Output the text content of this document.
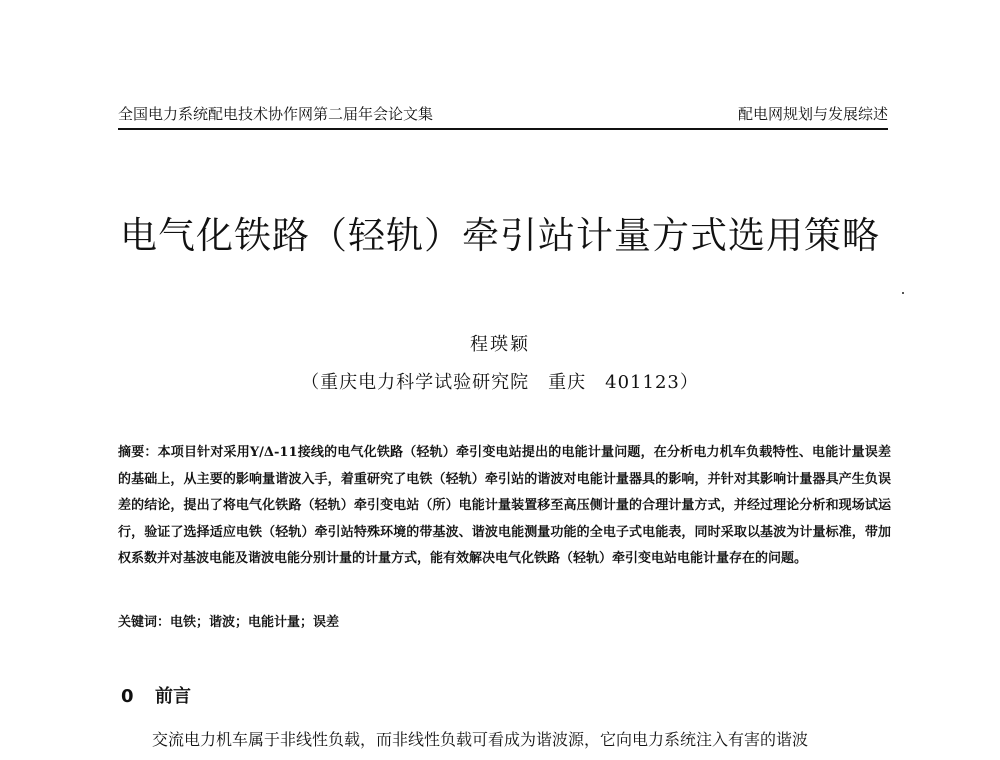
全国电力系统配电技术协作网第二届年会论文集	配电网规划与发展综述
电气化铁路（轻轨）牵引站计量方式选用策略
程瑛颖
（重庆电力科学试验研究院　重庆　401123）
摘要：本项目针对采用Y/Δ-11接线的电气化铁路（轻轨）牵引变电站提出的电能计量问题，在分析电力机车负载特性、电能计量误差的基础上，从主要的影响量谐波入手，着重研究了电铁（轻轨）牵引站的谐波对电能计量器具的影响，并针对其影响计量器具产生负误差的结论，提出了将电气化铁路（轻轨）牵引变电站（所）电能计量装置移至高压侧计量的合理计量方式，并经过理论分析和现场试运行，验证了选择适应电铁（轻轨）牵引站特殊环境的带基波、谐波电能测量功能的全电子式电能表，同时采取以基波为计量标准，带加权系数并对基波电能及谐波电能分别计量的计量方式，能有效解决电气化铁路（轻轨）牵引变电站电能计量存在的问题。
关键词：电铁；谐波；电能计量；误差
0 前言
交流电力机车属于非线性负载，而非线性负载可看成为谐波源，它向电力系统注入有害的谐波
